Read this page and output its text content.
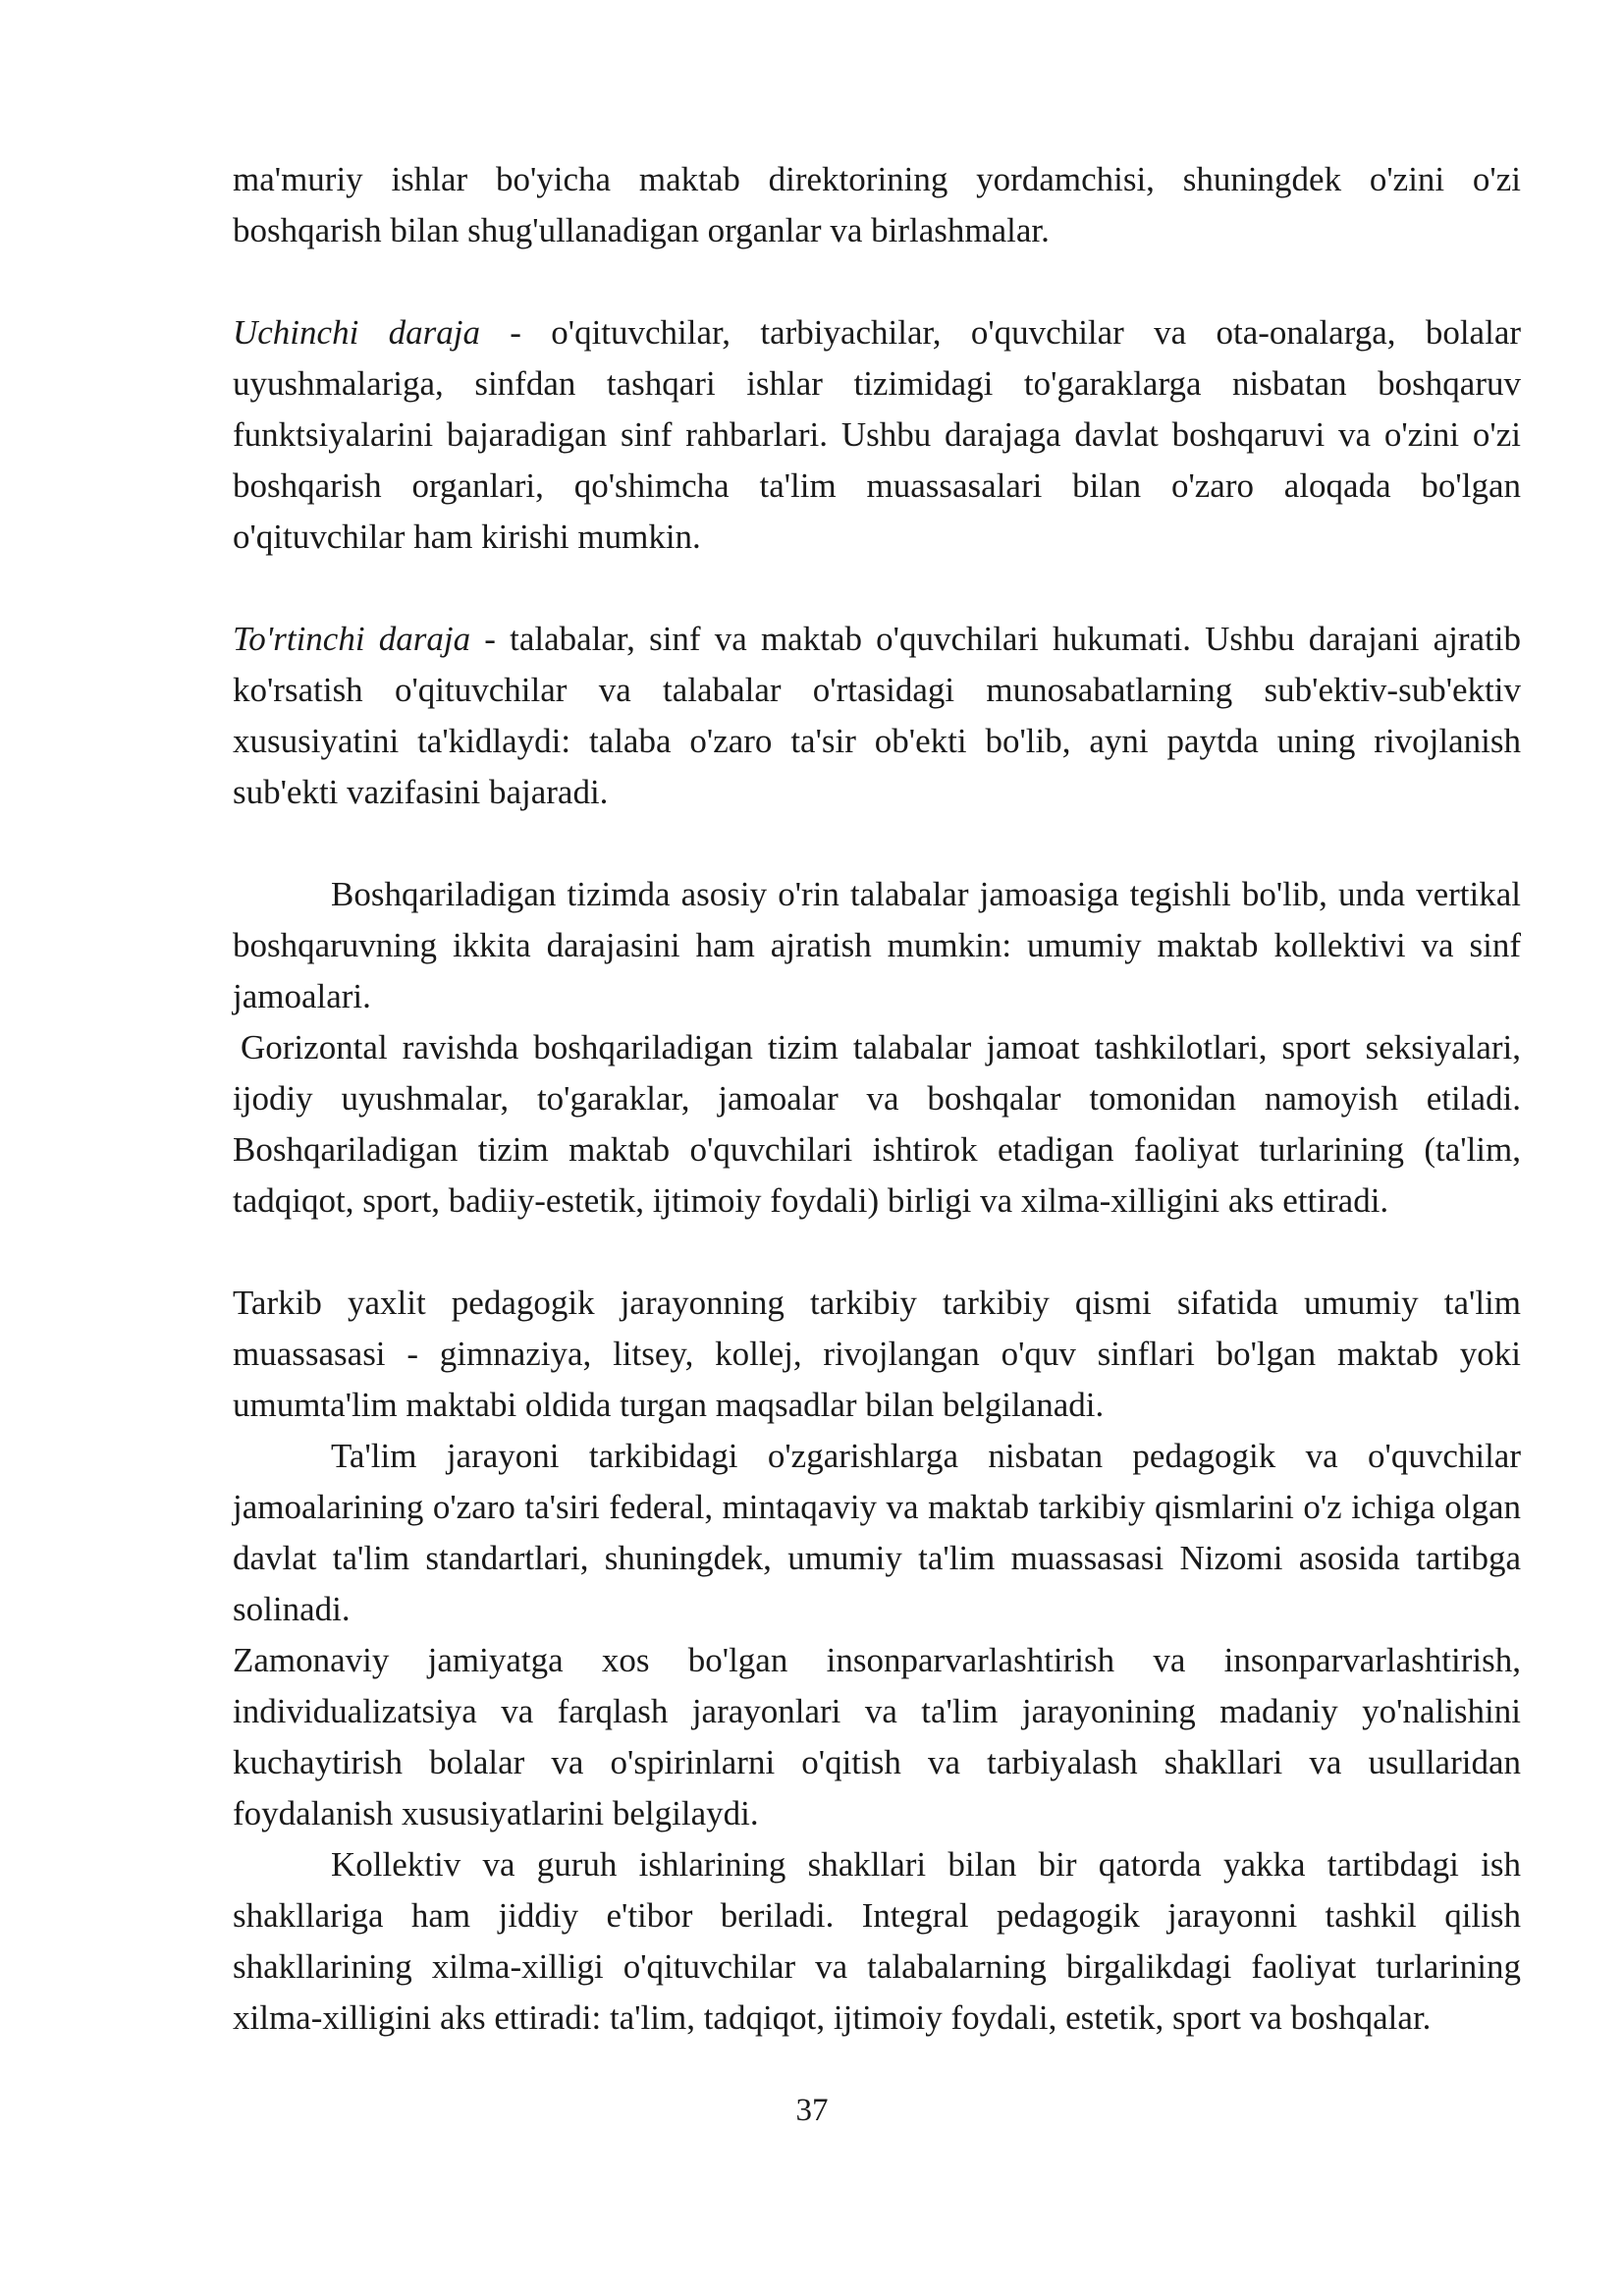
ma'muriy ishlar bo'yicha maktab direktorining yordamchisi, shuningdek o'zini o'zi boshqarish bilan shug'ullanadigan organlar va birlashmalar.

Uchinchi daraja - o'qituvchilar, tarbiyachilar, o'quvchilar va ota-onalarga, bolalar uyushmalariga, sinfdan tashqari ishlar tizimidagi to'garaklarga nisbatan boshqaruv funktsiyalarini bajaradigan sinf rahbarlari. Ushbu darajaga davlat boshqaruvi va o'zini o'zi boshqarish organlari, qo'shimcha ta'lim muassasalari bilan o'zaro aloqada bo'lgan o'qituvchilar ham kirishi mumkin.

To'rtinchi daraja - talabalar, sinf va maktab o'quvchilari hukumati. Ushbu darajani ajratib ko'rsatish o'qituvchilar va talabalar o'rtasidagi munosabatlarning sub'ektiv-sub'ektiv xususiyatini ta'kidlaydi: talaba o'zaro ta'sir ob'ekti bo'lib, ayni paytda uning rivojlanish sub'ekti vazifasini bajaradi.

Boshqariladigan tizimda asosiy o'rin talabalar jamoasiga tegishli bo'lib, unda vertikal boshqaruvning ikkita darajasini ham ajratish mumkin: umumiy maktab kollektivi va sinf jamoalari.

Gorizontal ravishda boshqariladigan tizim talabalar jamoat tashkilotlari, sport seksiyalari, ijodiy uyushmalar, to'garaklar, jamoalar va boshqalar tomonidan namoyish etiladi. Boshqariladigan tizim maktab o'quvchilari ishtirok etadigan faoliyat turlarining (ta'lim, tadqiqot, sport, badiiy-estetik, ijtimoiy foydali) birligi va xilma-xilligini aks ettiradi.

Tarkib yaxlit pedagogik jarayonning tarkibiy tarkibiy qismi sifatida umumiy ta'lim muassasasi - gimnaziya, litsey, kollej, rivojlangan o'quv sinflari bo'lgan maktab yoki umumta'lim maktabi oldida turgan maqsadlar bilan belgilanadi.

Ta'lim jarayoni tarkibidagi o'zgarishlarga nisbatan pedagogik va o'quvchilar jamoalarining o'zaro ta'siri federal, mintaqaviy va maktab tarkibiy qismlarini o'z ichiga olgan davlat ta'lim standartlari, shuningdek, umumiy ta'lim muassasasi Nizomi asosida tartibga solinadi.

Zamonaviy jamiyatga xos bo'lgan insonparvarlashtirish va insonparvarlashtirish, individualizatsiya va farqlash jarayonlari va ta'lim jarayonining madaniy yo'nalishini kuchaytirish bolalar va o'spirinlarni o'qitish va tarbiyalash shakllari va usullaridan foydalanish xususiyatlarini belgilaydi.

Kollektiv va guruh ishlarining shakllari bilan bir qatorda yakka tartibdagi ish shakllariga ham jiddiy e'tibor beriladi. Integral pedagogik jarayonni tashkil qilish shakllarining xilma-xilligi o'qituvchilar va talabalarning birgalikdagi faoliyat turlarining xilma-xilligini aks ettiradi: ta'lim, tadqiqot, ijtimoiy foydali, estetik, sport va boshqalar.

37
